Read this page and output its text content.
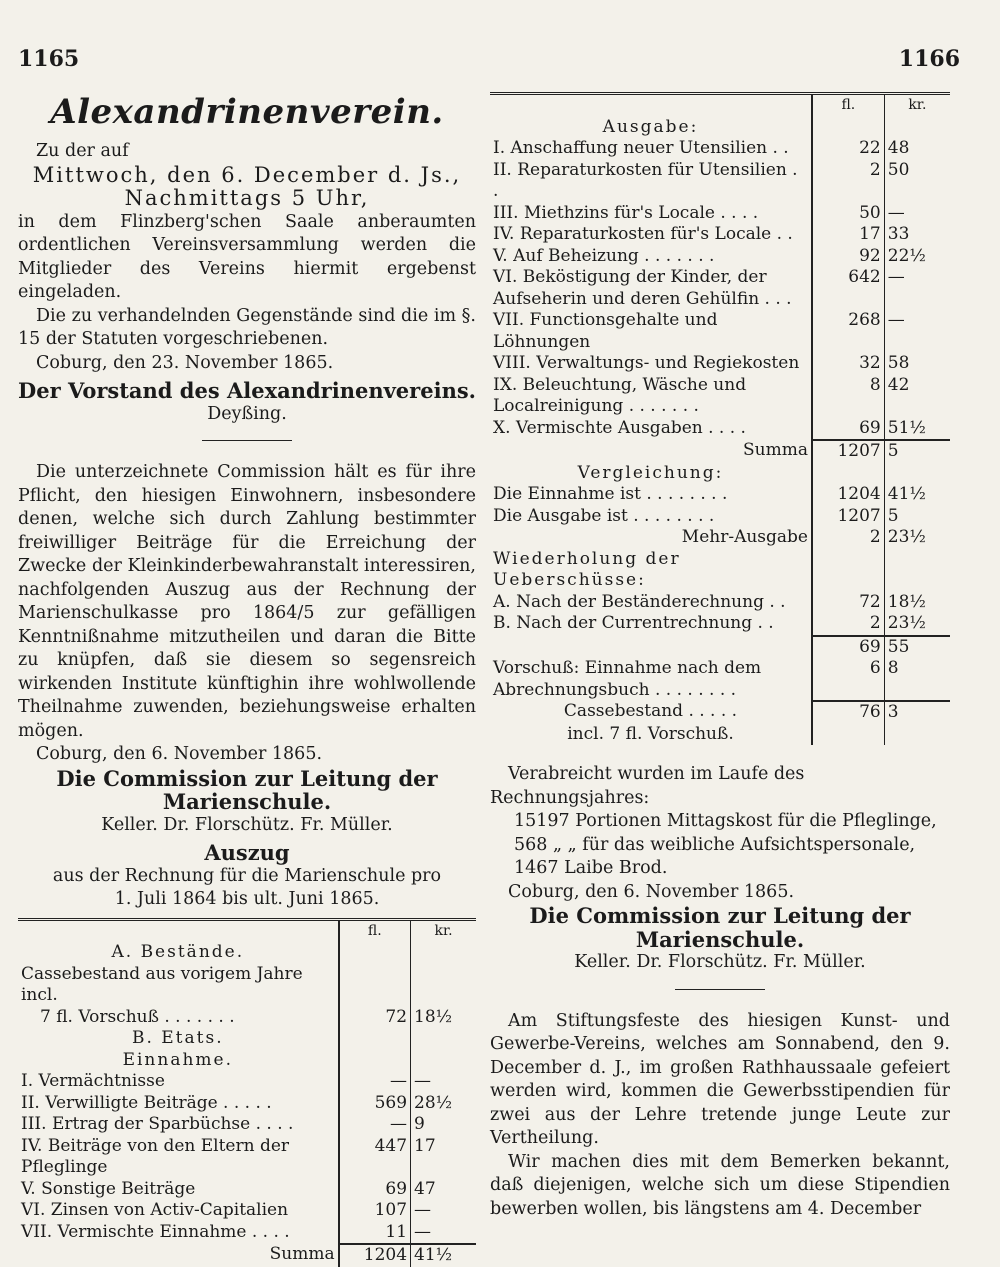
1165	1166
Alexandrinenverein.

Zu der auf

Mittwoch, den 6. December d. Js.,

Nachmittags 5 Uhr,

in dem Flinzberg'schen Saale anberaumten ordentlichen Vereinsversammlung werden die Mitglieder des Vereins hiermit ergebenst eingeladen.

Die zu verhandelnden Gegenstände sind die im §. 15 der Statuten vorgeschriebenen.

Coburg, den 23. November 1865.

Der Vorstand des Alexandrinenvereins.

Deyßing.

Die unterzeichnete Commission hält es für ihre Pflicht, den hiesigen Einwohnern, insbesondere denen, welche sich durch Zahlung bestimmter freiwilliger Beiträge für die Erreichung der Zwecke der Kleinkinderbewahranstalt interessiren, nachfolgenden Auszug aus der Rechnung der Marienschulkasse pro 1864/5 zur gefälligen Kenntnißnahme mitzutheilen und daran die Bitte zu knüpfen, daß sie diesem so segensreich wirkenden Institute künftighin ihre wohlwollende Theilnahme zuwenden, beziehungsweise erhalten mögen.

Coburg, den 6. November 1865.

Die Commission zur Leitung der Marienschule.

Keller. Dr. Florschütz. Fr. Müller.

Auszug

aus der Rechnung für die Marienschule pro

1. Juli 1864 bis ult. Juni 1865.

	fl.	kr.
A. Bestände.		
Cassebestand aus vorigem Jahre incl.		
7 fl. Vorschuß . . . . . . .	72	18½
B. Etats.		
Einnahme.		
I. Vermächtnisse	—	—
II. Verwilligte Beiträge . . . . .	569	28½
III. Ertrag der Sparbüchse . . . .	—	9
IV. Beiträge von den Eltern der Pfleglinge	447	17
V. Sonstige Beiträge	69	47
VI. Zinsen von Activ-Capitalien	107	—
VII. Vermischte Einnahme . . . .	11	—
Summa	1204	41½
	fl.	kr.
Ausgabe:		
I. Anschaffung neuer Utensilien . .	22	48
II. Reparaturkosten für Utensilien . .	2	50
III. Miethzins für's Locale . . . .	50	—
IV. Reparaturkosten für's Locale . .	17	33
V. Auf Beheizung . . . . . . .	92	22½
VI. Beköstigung der Kinder, der Aufseherin und deren Gehülfin . . .	642	—
VII. Functionsgehalte und Löhnungen	268	—
VIII. Verwaltungs- und Regiekosten	32	58
IX. Beleuchtung, Wäsche und Localreinigung . . . . . . .	8	42
X. Vermischte Ausgaben . . . .	69	51½
Summa	1207	5
Vergleichung:		
Die Einnahme ist . . . . . . . .	1204	41½
Die Ausgabe ist . . . . . . . .	1207	5
Mehr-Ausgabe	2	23½
Wiederholung der Ueberschüsse:		
A. Nach der Beständerechnung . .	72	18½
B. Nach der Currentrechnung . .	2	23½
	69	55
Vorschuß: Einnahme nach dem Abrechnungsbuch . . . . . . . .	6	8
Cassebestand . . . . .	76	3
incl. 7 fl. Vorschuß.		

Verabreicht wurden im Laufe des Rechnungsjahres:

15197 Portionen Mittagskost für die Pfleglinge,

568 „ „ für das weibliche Aufsichtspersonale,

1467 Laibe Brod.

Coburg, den 6. November 1865.

Die Commission zur Leitung der Marienschule.

Keller. Dr. Florschütz. Fr. Müller.

Am Stiftungsfeste des hiesigen Kunst- und Gewerbe-Vereins, welches am Sonnabend, den 9. December d. J., im großen Rathhaussaale gefeiert werden wird, kommen die Gewerbsstipendien für zwei aus der Lehre tretende junge Leute zur Vertheilung.

Wir machen dies mit dem Bemerken bekannt, daß diejenigen, welche sich um diese Stipendien bewerben wollen, bis längstens am 4. December
